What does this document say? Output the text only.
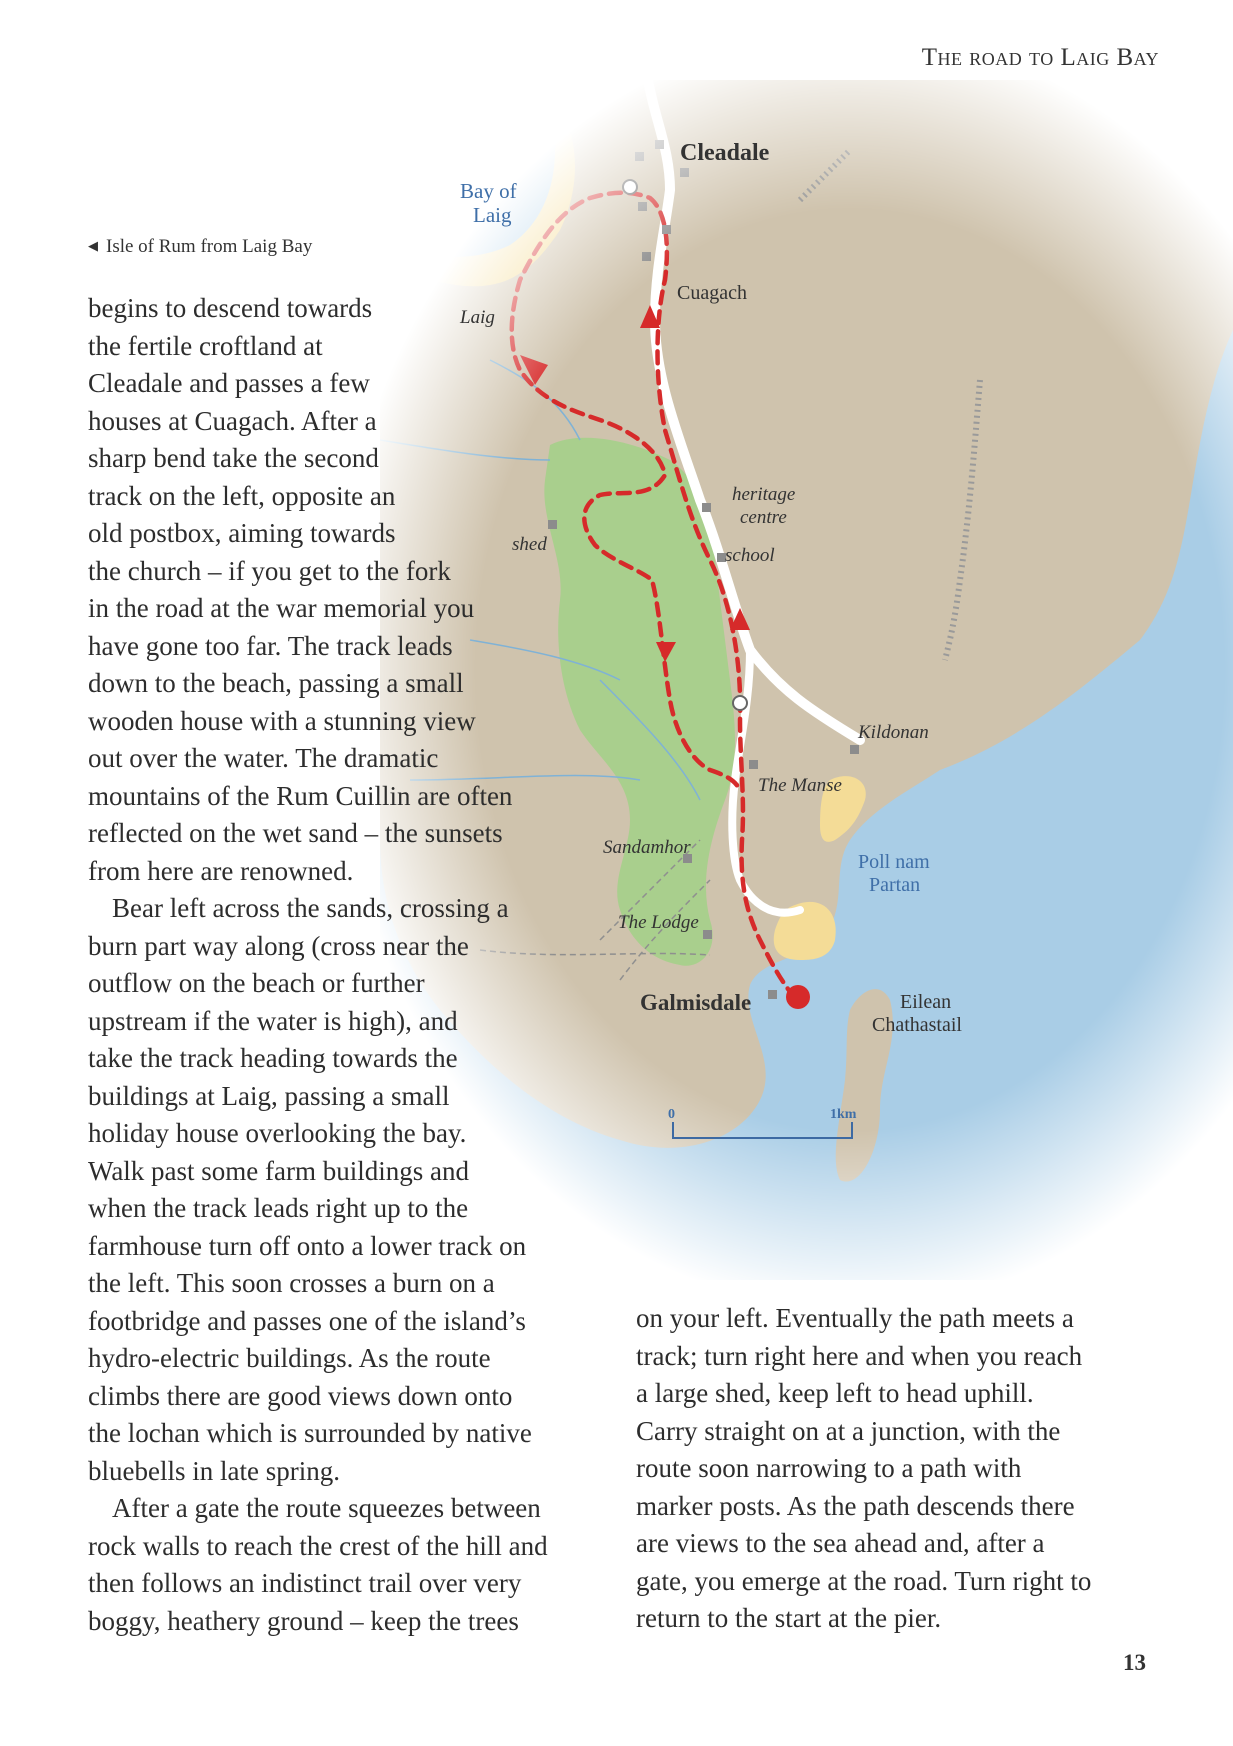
The road to Laig Bay
Cleadale
Bay of
Laig
Cuagach
Laig
heritage
centre
school
shed
Kildonan
The Manse
Sandamhor
Poll nam
Partan
The Lodge
Galmisdale	Eilean
Chathastail
0	1km
◀ Isle of Rum from Laig Bay

begins to descend towards
the fertile croftland at
Cleadale and passes a few
houses at Cuagach. After a
sharp bend take the second
track on the left, opposite an
old postbox, aiming towards
the church – if you get to the fork
in the road at the war memorial you
have gone too far. The track leads
down to the beach, passing a small
wooden house with a stunning view
out over the water. The dramatic
mountains of the Rum Cuillin are often
reflected on the wet sand – the sunsets
from here are renowned.

Bear left across the sands, crossing a
burn part way along (cross near the
outflow on the beach or further
upstream if the water is high), and
take the track heading towards the
buildings at Laig, passing a small
holiday house overlooking the bay.
Walk past some farm buildings and
when the track leads right up to the
farmhouse turn off onto a lower track on
the left. This soon crosses a burn on a
footbridge and passes one of the island’s
hydro-electric buildings. As the route
climbs there are good views down onto
the lochan which is surrounded by native
bluebells in late spring.

After a gate the route squeezes between
rock walls to reach the crest of the hill and
then follows an indistinct trail over very
boggy, heathery ground – keep the trees

on your left. Eventually the path meets a
track; turn right here and when you reach
a large shed, keep left to head uphill.
Carry straight on at a junction, with the
route soon narrowing to a path with
marker posts. As the path descends there
are views to the sea ahead and, after a
gate, you emerge at the road. Turn right to
return to the start at the pier.

13
